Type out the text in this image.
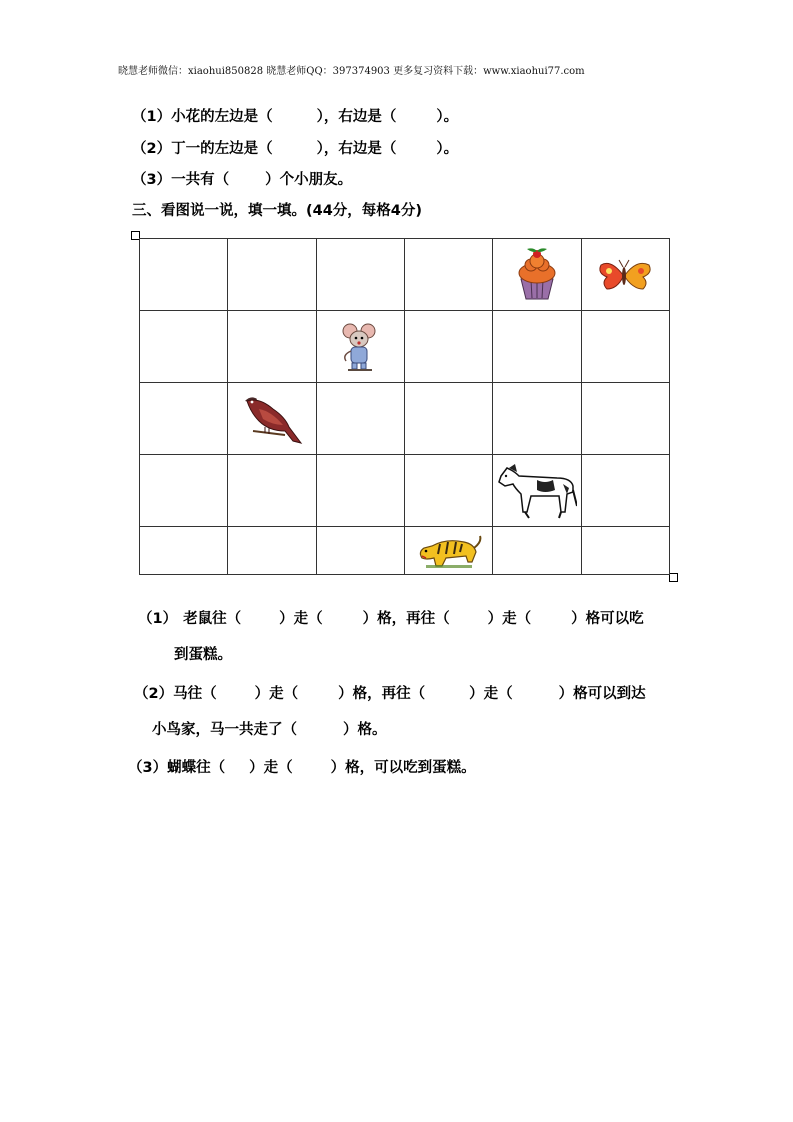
晓慧老师微信：xiaohui850828 晓慧老师QQ：397374903 更多复习资料下载：www.xiaohui77.com
（1）小花的左边是（	），右边是（	）。
（2）丁一的左边是（	），右边是（	）。
（3）一共有（ ）个小朋友。
三、看图说一说，填一填。(44分，每格4分)

（1） 老鼠往（	）走（	）格，再往（	）走（	）格可以吃
到蛋糕。
（2）马往（	）走（	）格，再往（	）走（	）格可以到达
小鸟家，马一共走了（	）格。
（3）蝴蝶往（ ）走（	）格，可以吃到蛋糕。
